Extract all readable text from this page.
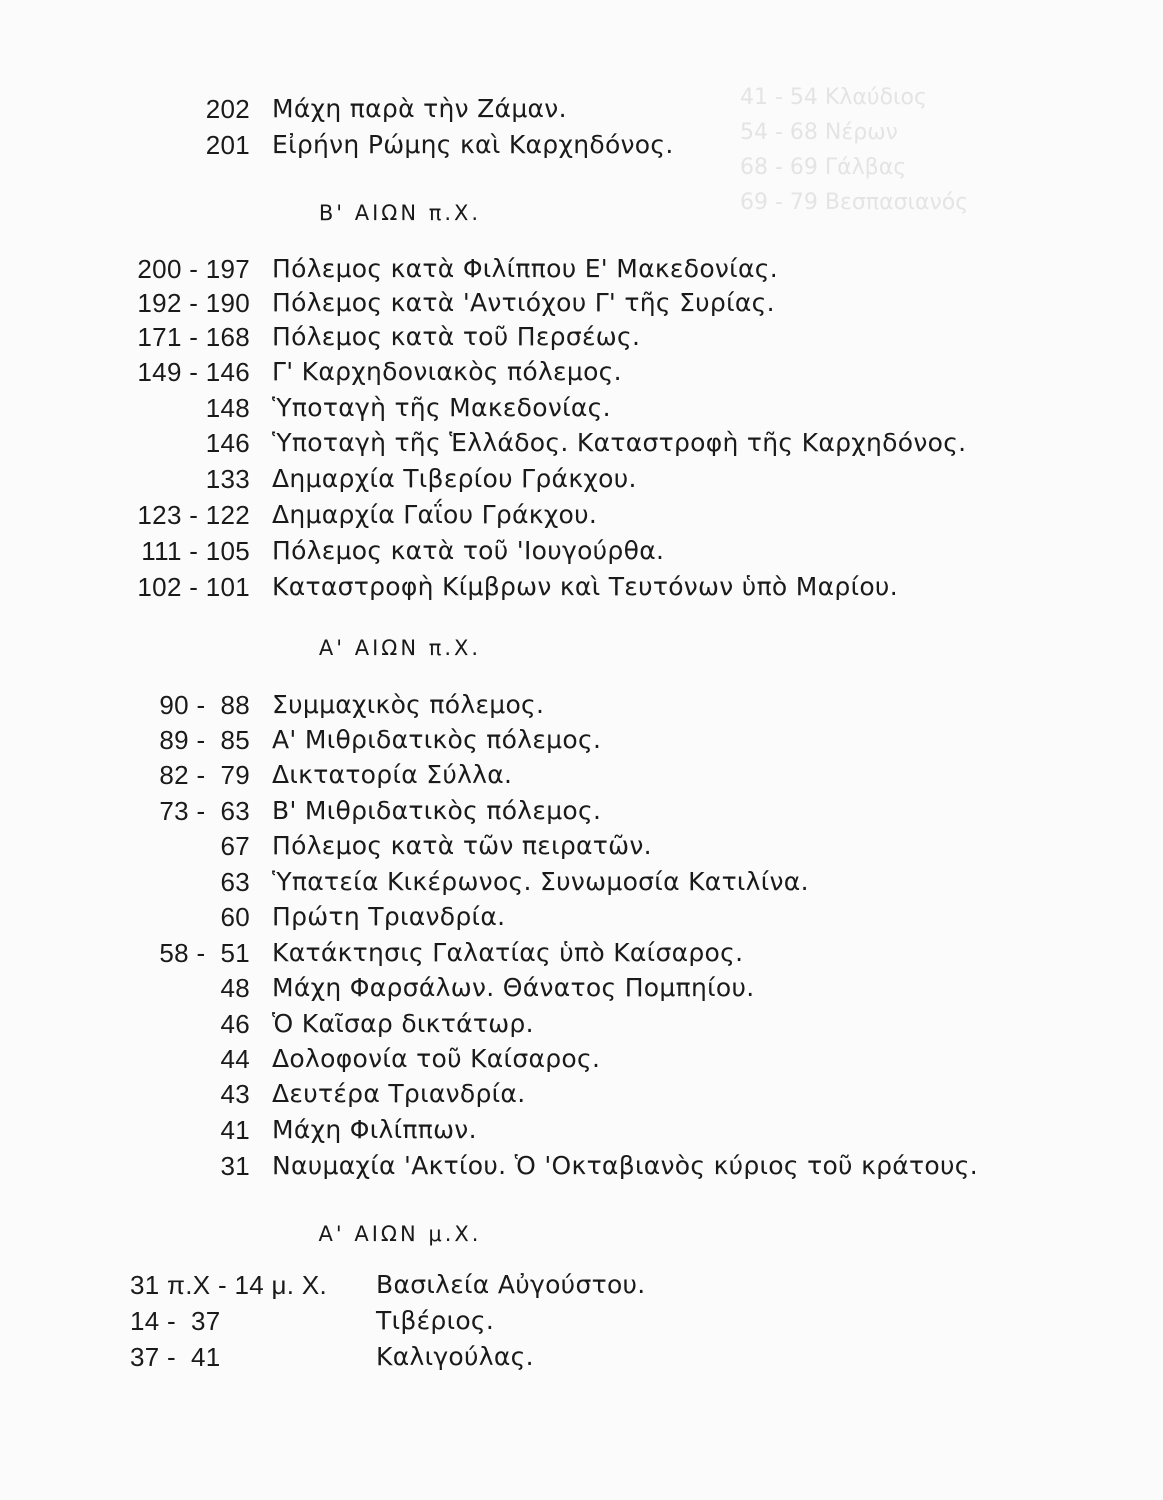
41 - 54 Κλαύδιος
54 - 68 Νέρων
68 - 69 Γάλβας
69 - 79 Βεσπασιανός
202 Μάχη παρὰ τὴν Ζάμαν.
201 Εἰρήνη Ρώμης καὶ Καρχηδόνος.
Β' ΑΙΩΝ π.Χ.
200 - 197 Πόλεμος κατὰ Φιλίππου Ε' Μακεδονίας.
192 - 190 Πόλεμος κατὰ 'Αντιόχου Γ' τῆς Συρίας.
171 - 168 Πόλεμος κατὰ τοῦ Περσέως.
149 - 146 Γ' Καρχηδονιακὸς πόλεμος.
148 Ὑποταγὴ τῆς Μακεδονίας.
146 Ὑποταγὴ τῆς Ἑλλάδος. Καταστροφὴ τῆς Καρχηδόνος.
133 Δημαρχία Τιβερίου Γράκχου.
123 - 122 Δημαρχία Γαΐου Γράκχου.
111 - 105 Πόλεμος κατὰ τοῦ 'Ιουγούρθα.
102 - 101 Καταστροφὴ Κίμβρων καὶ Τευτόνων ὑπὸ Μαρίου.
Α' ΑΙΩΝ π.Χ.
90 -  88 Συμμαχικὸς πόλεμος.
89 -  85 Α' Μιθριδατικὸς πόλεμος.
82 -  79 Δικτατορία Σύλλα.
73 -  63 Β' Μιθριδατικὸς πόλεμος.
67 Πόλεμος κατὰ τῶν πειρατῶν.
63 Ὑπατεία Κικέρωνος. Συνωμοσία Κατιλίνα.
60 Πρώτη Τριανδρία.
58 -  51 Κατάκτησις Γαλατίας ὑπὸ Καίσαρος.
48 Μάχη Φαρσάλων. Θάνατος Πομπηίου.
46 Ὁ Καῖσαρ δικτάτωρ.
44 Δολοφονία τοῦ Καίσαρος.
43 Δευτέρα Τριανδρία.
41 Μάχη Φιλίππων.
31 Ναυμαχία 'Ακτίου. Ὁ 'Οκταβιανὸς κύριος τοῦ κράτους.
Α' ΑΙΩΝ μ.Χ.
31 π.Χ - 14 μ. Χ.	Βασιλεία Αὐγούστου.
14 -  37	Τιβέριος.
37 -  41	Καλιγούλας.
